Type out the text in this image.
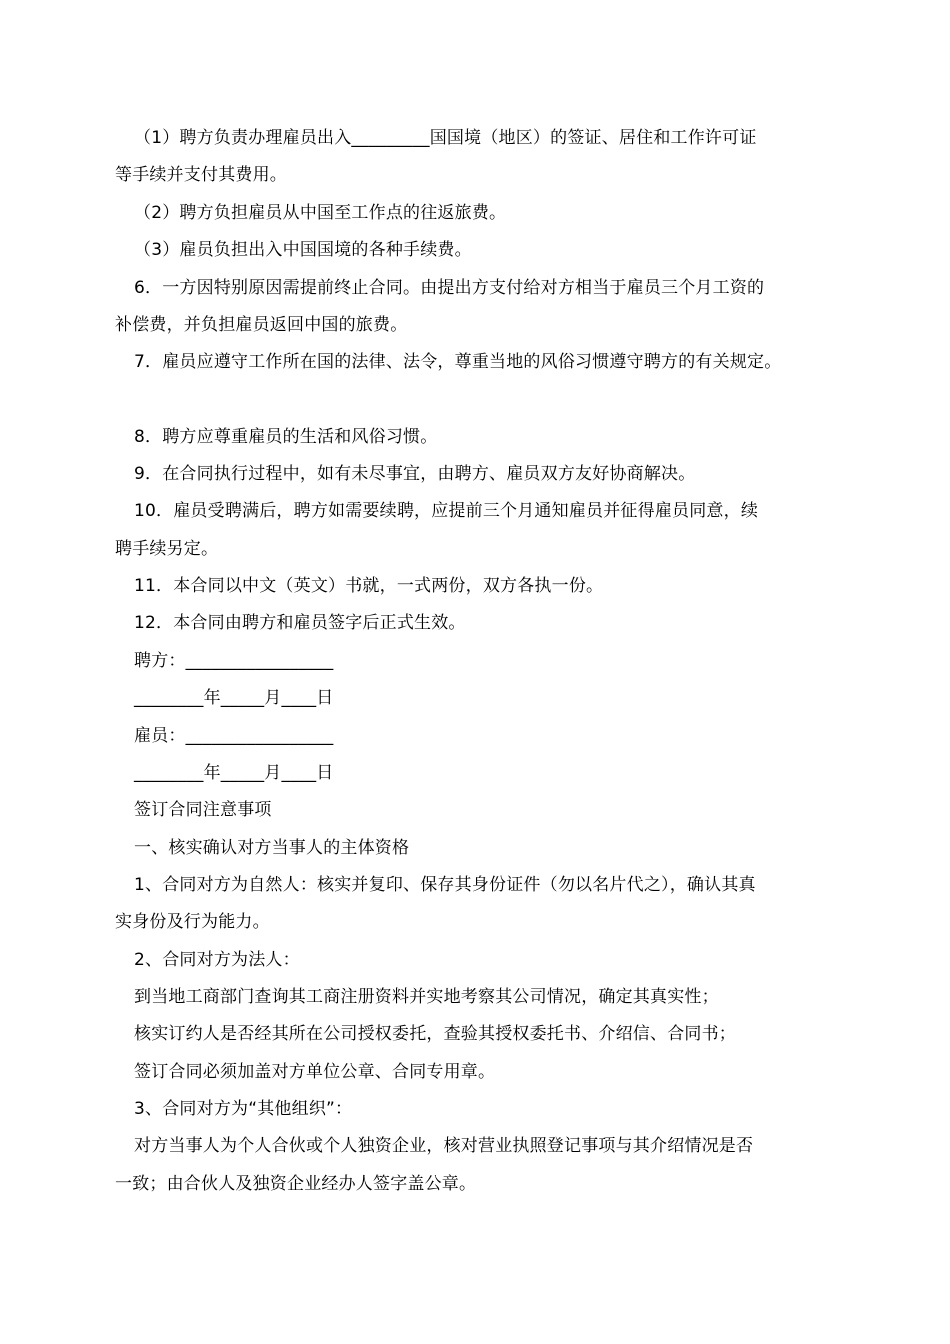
（1）聘方负责办理雇员出入_________国国境（地区）的签证、居住和工作许可证
等手续并支付其费用。
（2）聘方负担雇员从中国至工作点的往返旅费。
（3）雇员负担出入中国国境的各种手续费。
6．一方因特别原因需提前终止合同。由提出方支付给对方相当于雇员三个月工资的
补偿费，并负担雇员返回中国的旅费。
7．雇员应遵守工作所在国的法律、法令，尊重当地的风俗习惯遵守聘方的有关规定。
8．聘方应尊重雇员的生活和风俗习惯。
9．在合同执行过程中，如有未尽事宜，由聘方、雇员双方友好协商解决。
10．雇员受聘满后，聘方如需要续聘，应提前三个月通知雇员并征得雇员同意，续
聘手续另定。
11．本合同以中文（英文）书就，一式两份，双方各执一份。
12．本合同由聘方和雇员签字后正式生效。
聘方：_________________
________年_____月____日
雇员：_________________
________年_____月____日
签订合同注意事项
一、核实确认对方当事人的主体资格
1、合同对方为自然人：核实并复印、保存其身份证件（勿以名片代之），确认其真
实身份及行为能力。
2、合同对方为法人：
到当地工商部门查询其工商注册资料并实地考察其公司情况，确定其真实性；
核实订约人是否经其所在公司授权委托，查验其授权委托书、介绍信、合同书；
签订合同必须加盖对方单位公章、合同专用章。
3、合同对方为“其他组织”：
对方当事人为个人合伙或个人独资企业，核对营业执照登记事项与其介绍情况是否
一致；由合伙人及独资企业经办人签字盖公章。
